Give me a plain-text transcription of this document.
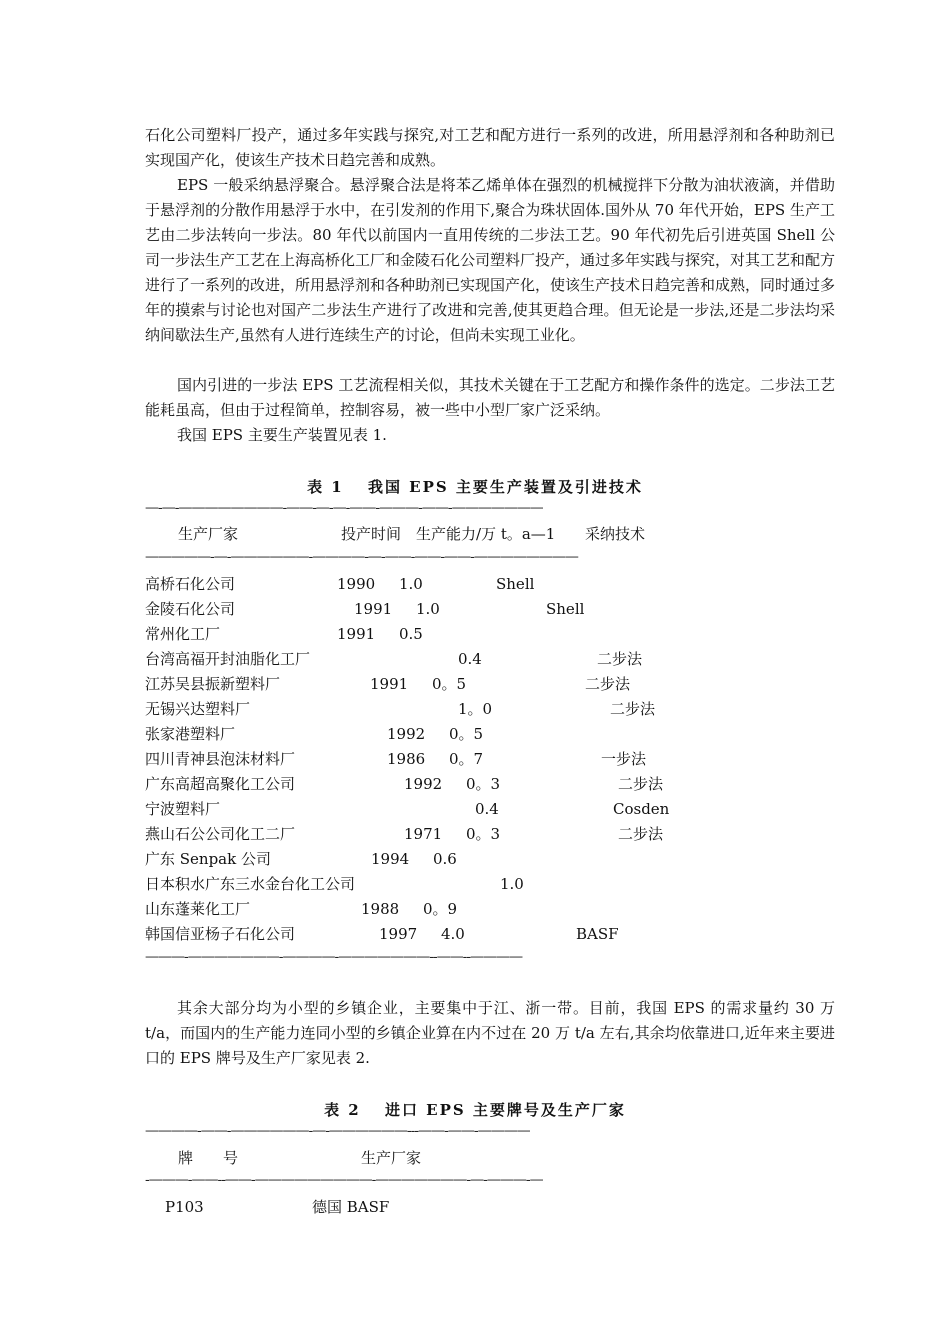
石化公司塑料厂投产，通过多年实践与探究,对工艺和配方进行一系列的改进，所用悬浮剂和各种助剂已实现国产化，使该生产技术日趋完善和成熟。

EPS 一般采纳悬浮聚合。悬浮聚合法是将苯乙烯单体在强烈的机械搅拌下分散为油状液滴，并借助于悬浮剂的分散作用悬浮于水中，在引发剂的作用下,聚合为珠状固体.国外从 70 年代开始，EPS 生产工艺由二步法转向一步法。80 年代以前国内一直用传统的二步法工艺。90 年代初先后引进英国 Shell 公司一步法生产工艺在上海高桥化工厂和金陵石化公司塑料厂投产，通过多年实践与探究，对其工艺和配方进行了一系列的改进，所用悬浮剂和各种助剂已实现国产化，使该生产技术日趋完善和成熟，同时通过多年的摸索与讨论也对国产二步法生产进行了改进和完善,使其更趋合理。但无论是一步法,还是二步法均采纳间歇法生产,虽然有人进行连续生产的讨论，但尚未实现工业化。

国内引进的一步法 EPS 工艺流程相关似，其技术关键在于工艺配方和操作条件的选定。二步法工艺能耗虽高，但由于过程简单，控制容易，被一些中小型厂家广泛采纳。

我国 EPS 主要生产装置见表 1.

表 1　 我国 EPS 主要生产装置及引进技术

—-—-————————-——-—-—-——-———-——-———————
生产厂家	投产时间　生产能力/万 t。a—1 采纳技术
—————-—-——————-————-—-——-——-——-————————
高桥石化公司	1990 1.0	Shell
金陵石化公司	1991 1.0	Shell
常州化工厂	1991 0.5
台湾高福开封油脂化工厂	0.4	二步法
江苏吴县振新塑料厂	1991 0。5	二步法
无锡兴达塑料厂	1。0	二步法
张家港塑料厂	1992 0。5
四川青神县泡沫材料厂	1986 0。7	一步法
广东高超高聚化工公司	1992 0。3	二步法
宁波塑料厂	0.4	Cosden
燕山石公公司化工二厂	1971 0。3	二步法
广东 Senpak 公司	1994 0.6
日本积水广东三水金台化工公司	1.0
山东蓬莱化工厂	1988 0。9
韩国信亚杨子石化公司	1997 4.0	BASF
———-———————-————-———————--——--————

其余大部分均为小型的乡镇企业，主要集中于江、浙一带。目前，我国 EPS 的需求量约 30 万 t/a，而国内的生产能力连同小型的乡镇企业算在内不过在 20 万 t/a 左右,其余均依靠进口,近年来主要进口的 EPS 牌号及生产厂家见表 2.

表 2　 进口 EPS 主要牌号及生产厂家

————-——-——————-—-——————---——-——-————
牌　　号	生产厂家
-———-——--——-—————————-———————-—-———-—
P103	德国 BASF
